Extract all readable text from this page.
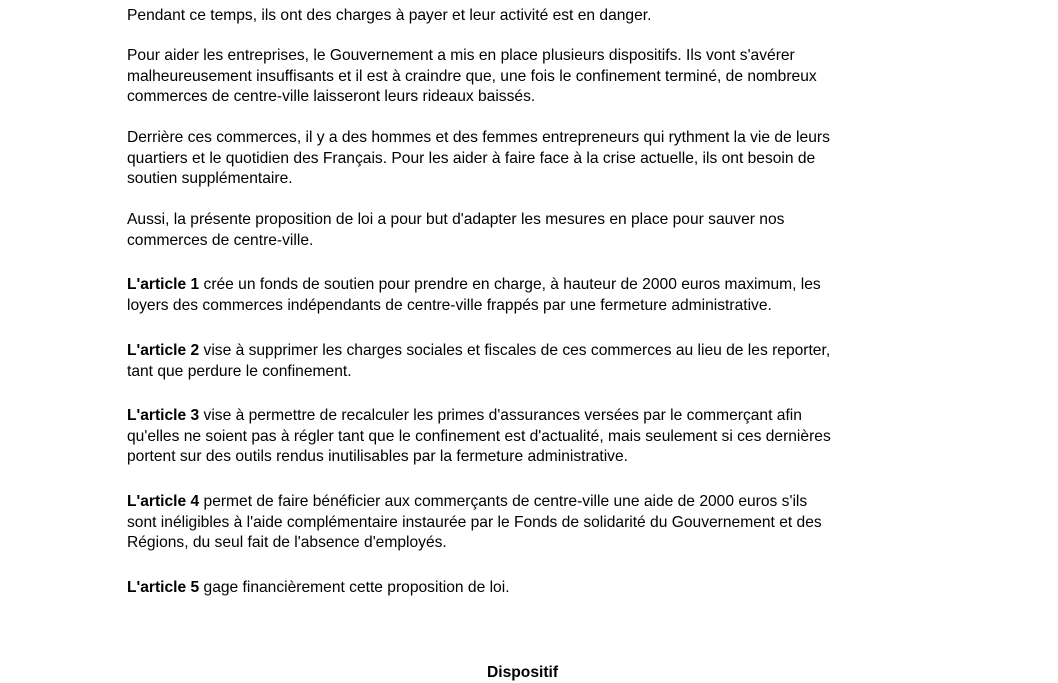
Pendant ce temps, ils ont des charges à payer et leur activité est en danger.

Pour aider les entreprises, le Gouvernement a mis en place plusieurs dispositifs. Ils vont s'avérer
malheureusement insuffisants et il est à craindre que, une fois le confinement terminé, de nombreux
commerces de centre-ville laisseront leurs rideaux baissés.

Derrière ces commerces, il y a des hommes et des femmes entrepreneurs qui rythment la vie de leurs
quartiers et le quotidien des Français. Pour les aider à faire face à la crise actuelle, ils ont besoin de
soutien supplémentaire.

Aussi, la présente proposition de loi a pour but d'adapter les mesures en place pour sauver nos
commerces de centre-ville.

L'article 1 crée un fonds de soutien pour prendre en charge, à hauteur de 2000 euros maximum, les
loyers des commerces indépendants de centre-ville frappés par une fermeture administrative.

L'article 2 vise à supprimer les charges sociales et fiscales de ces commerces au lieu de les reporter,
tant que perdure le confinement.

L'article 3 vise à permettre de recalculer les primes d'assurances versées par le commerçant afin
qu'elles ne soient pas à régler tant que le confinement est d'actualité, mais seulement si ces dernières
portent sur des outils rendus inutilisables par la fermeture administrative.

L'article 4 permet de faire bénéficier aux commerçants de centre-ville une aide de 2000 euros s'ils
sont inéligibles à l'aide complémentaire instaurée par le Fonds de solidarité du Gouvernement et des
Régions, du seul fait de l'absence d'employés.

L'article 5 gage financièrement cette proposition de loi.

Dispositif
